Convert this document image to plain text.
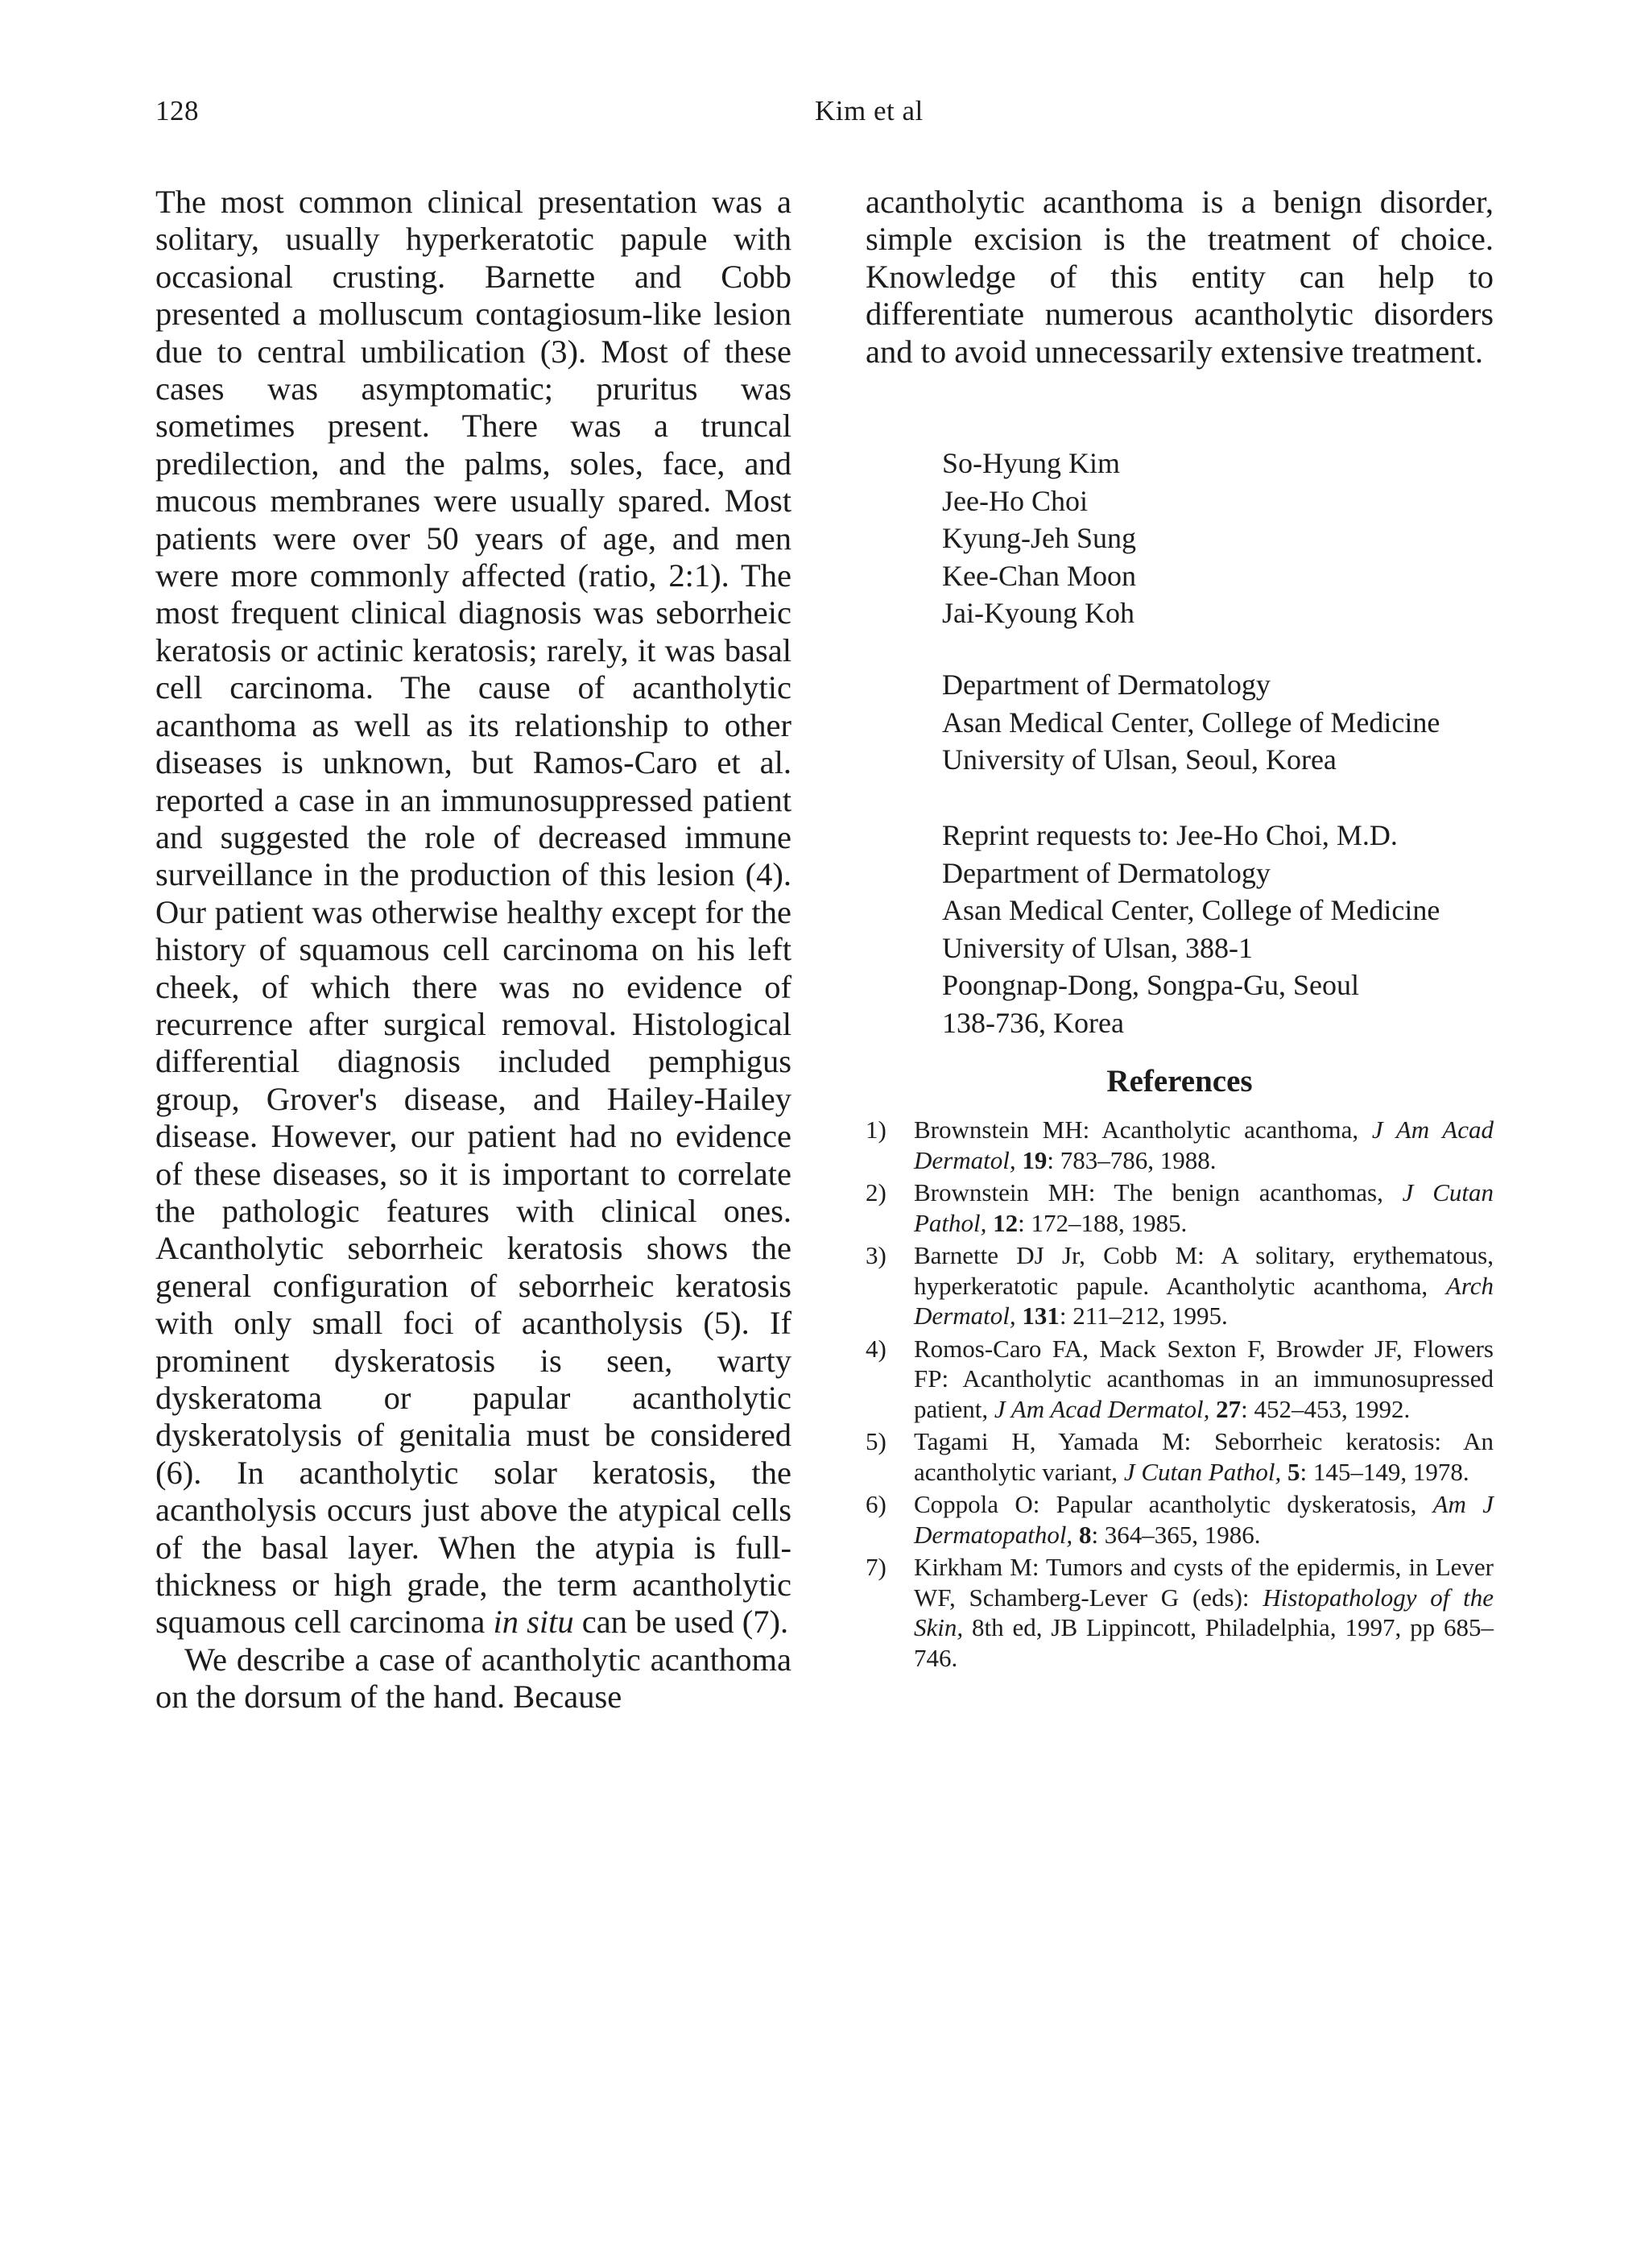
128	Kim et al

The most common clinical presentation was a solitary, usually hyperkeratotic papule with occasional crusting. Barnette and Cobb presented a molluscum contagiosum-like lesion due to central umbilication (3). Most of these cases was asymptomatic; pruritus was sometimes present. There was a truncal predilection, and the palms, soles, face, and mucous membranes were usually spared. Most patients were over 50 years of age, and men were more commonly affected (ratio, 2:1). The most frequent clinical diagnosis was seborrheic keratosis or actinic keratosis; rarely, it was basal cell carcinoma. The cause of acantholytic acanthoma as well as its relationship to other diseases is unknown, but Ramos-Caro et al. reported a case in an immunosuppressed patient and suggested the role of decreased immune surveillance in the production of this lesion (4). Our patient was otherwise healthy except for the history of squamous cell carcinoma on his left cheek, of which there was no evidence of recurrence after surgical removal. Histological differential diagnosis included pemphigus group, Grover's disease, and Hailey-Hailey disease. However, our patient had no evidence of these diseases, so it is important to correlate the pathologic features with clinical ones. Acantholytic seborrheic keratosis shows the general configuration of seborrheic keratosis with only small foci of acantholysis (5). If prominent dyskeratosis is seen, warty dyskeratoma or papular acantholytic dyskeratolysis of genitalia must be considered (6). In acantholytic solar keratosis, the acantholysis occurs just above the atypical cells of the basal layer. When the atypia is full-thickness or high grade, the term acantholytic squamous cell carcinoma in situ can be used (7).

We describe a case of acantholytic acanthoma on the dorsum of the hand. Because

acantholytic acanthoma is a benign disorder, simple excision is the treatment of choice. Knowledge of this entity can help to differentiate numerous acantholytic disorders and to avoid unnecessarily extensive treatment.

So-Hyung Kim
Jee-Ho Choi
Kyung-Jeh Sung
Kee-Chan Moon
Jai-Kyoung Koh
Department of Dermatology
Asan Medical Center, College of Medicine
University of Ulsan, Seoul, Korea
Reprint requests to: Jee-Ho Choi, M.D.
Department of Dermatology
Asan Medical Center, College of Medicine
University of Ulsan, 388-1
Poongnap-Dong, Songpa-Gu, Seoul
138-736, Korea
References
1) Brownstein MH: Acantholytic acanthoma, J Am Acad Dermatol, 19: 783–786, 1988.
2) Brownstein MH: The benign acanthomas, J Cutan Pathol, 12: 172–188, 1985.
3) Barnette DJ Jr, Cobb M: A solitary, erythematous, hyperkeratotic papule. Acantholytic acanthoma, Arch Dermatol, 131: 211–212, 1995.
4) Romos-Caro FA, Mack Sexton F, Browder JF, Flowers FP: Acantholytic acanthomas in an immunosupressed patient, J Am Acad Dermatol, 27: 452–453, 1992.
5) Tagami H, Yamada M: Seborrheic keratosis: An acantholytic variant, J Cutan Pathol, 5: 145–149, 1978.
6) Coppola O: Papular acantholytic dyskeratosis, Am J Dermatopathol, 8: 364–365, 1986.
7) Kirkham M: Tumors and cysts of the epidermis, in Lever WF, Schamberg-Lever G (eds): Histopathology of the Skin, 8th ed, JB Lippincott, Philadelphia, 1997, pp 685–746.
